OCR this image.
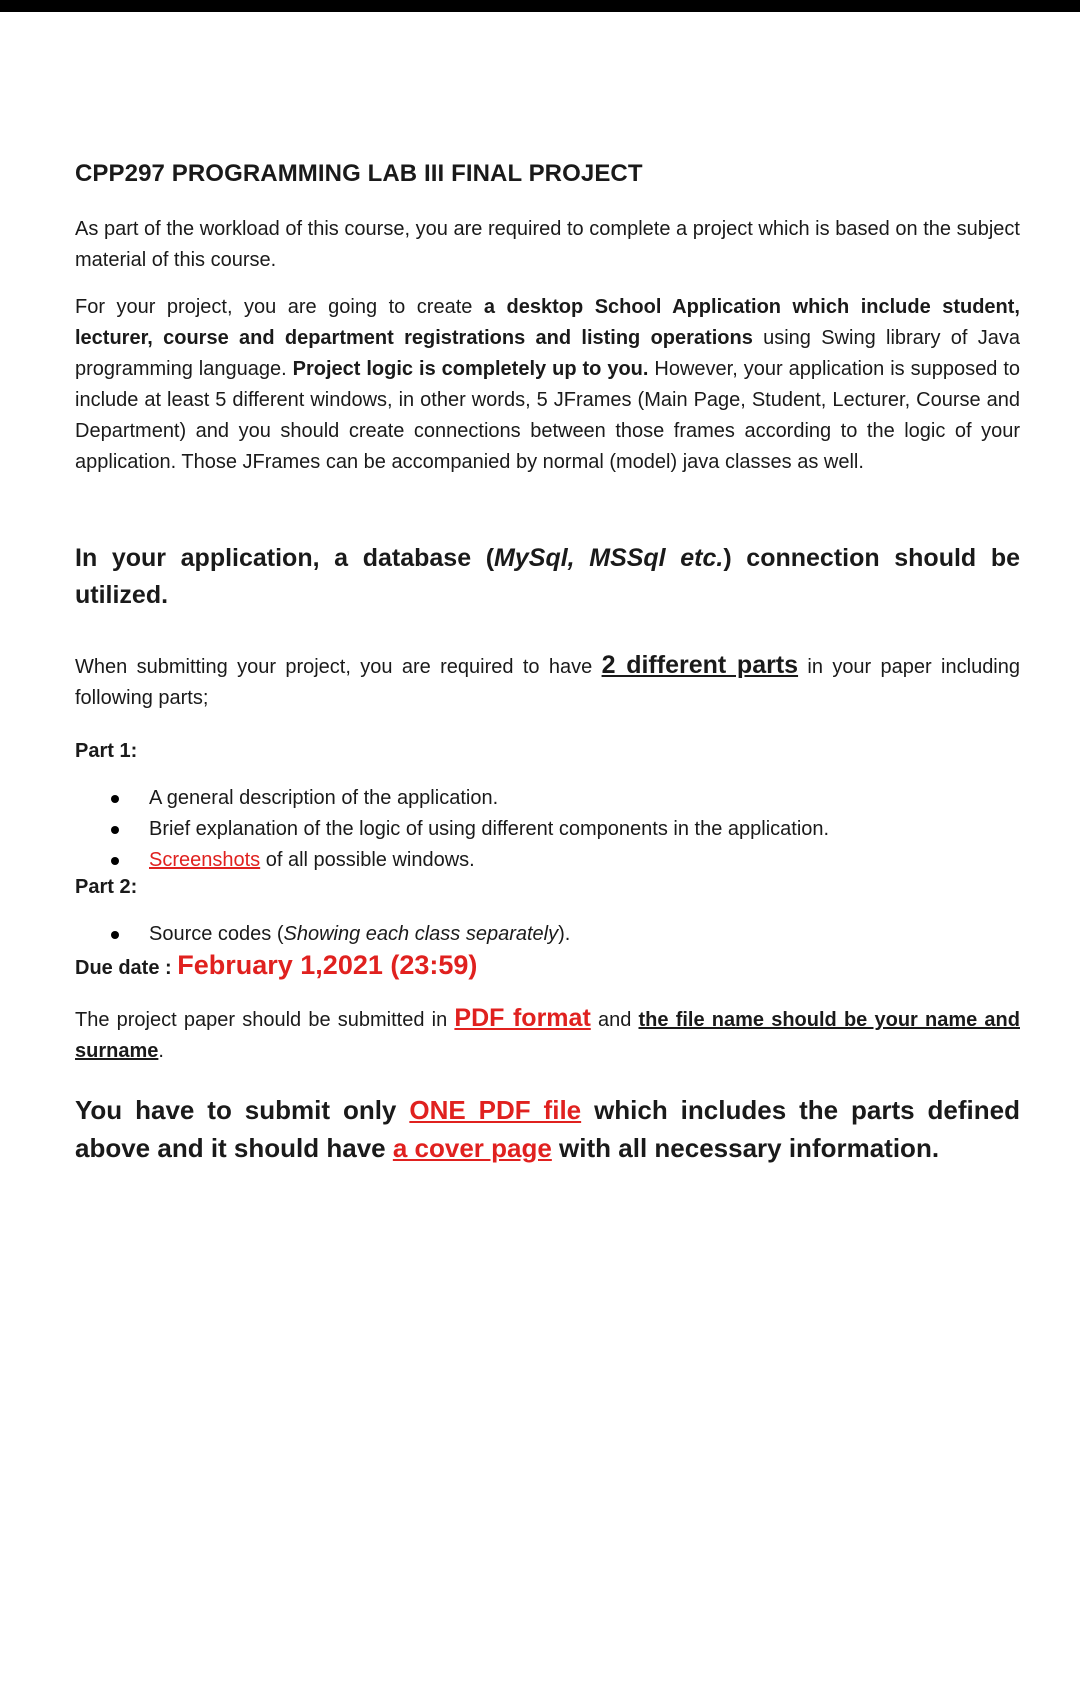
CPP297 PROGRAMMING LAB III FINAL PROJECT

As part of the workload of this course, you are required to complete a project which is based on the subject material of this course.

For your project, you are going to create a desktop School Application which include student, lecturer, course and department registrations and listing operations using Swing library of Java programming language. Project logic is completely up to you. However, your application is supposed to include at least 5 different windows, in other words, 5 JFrames (Main Page, Student, Lecturer, Course and Department) and you should create connections between those frames according to the logic of your application. Those JFrames can be accompanied by normal (model) java classes as well.

In your application, a database (MySql, MSSql etc.) connection should be utilized.

When submitting your project, you are required to have 2 different parts in your paper including following parts;

Part 1:
A general description of the application.
Brief explanation of the logic of using different components in the application.
Screenshots of all possible windows.
Part 2:
Source codes (Showing each class separately).
Due date : February 1,2021 (23:59)

The project paper should be submitted in PDF format and the file name should be your name and surname.

You have to submit only ONE PDF file which includes the parts defined above and it should have a cover page with all necessary information.
